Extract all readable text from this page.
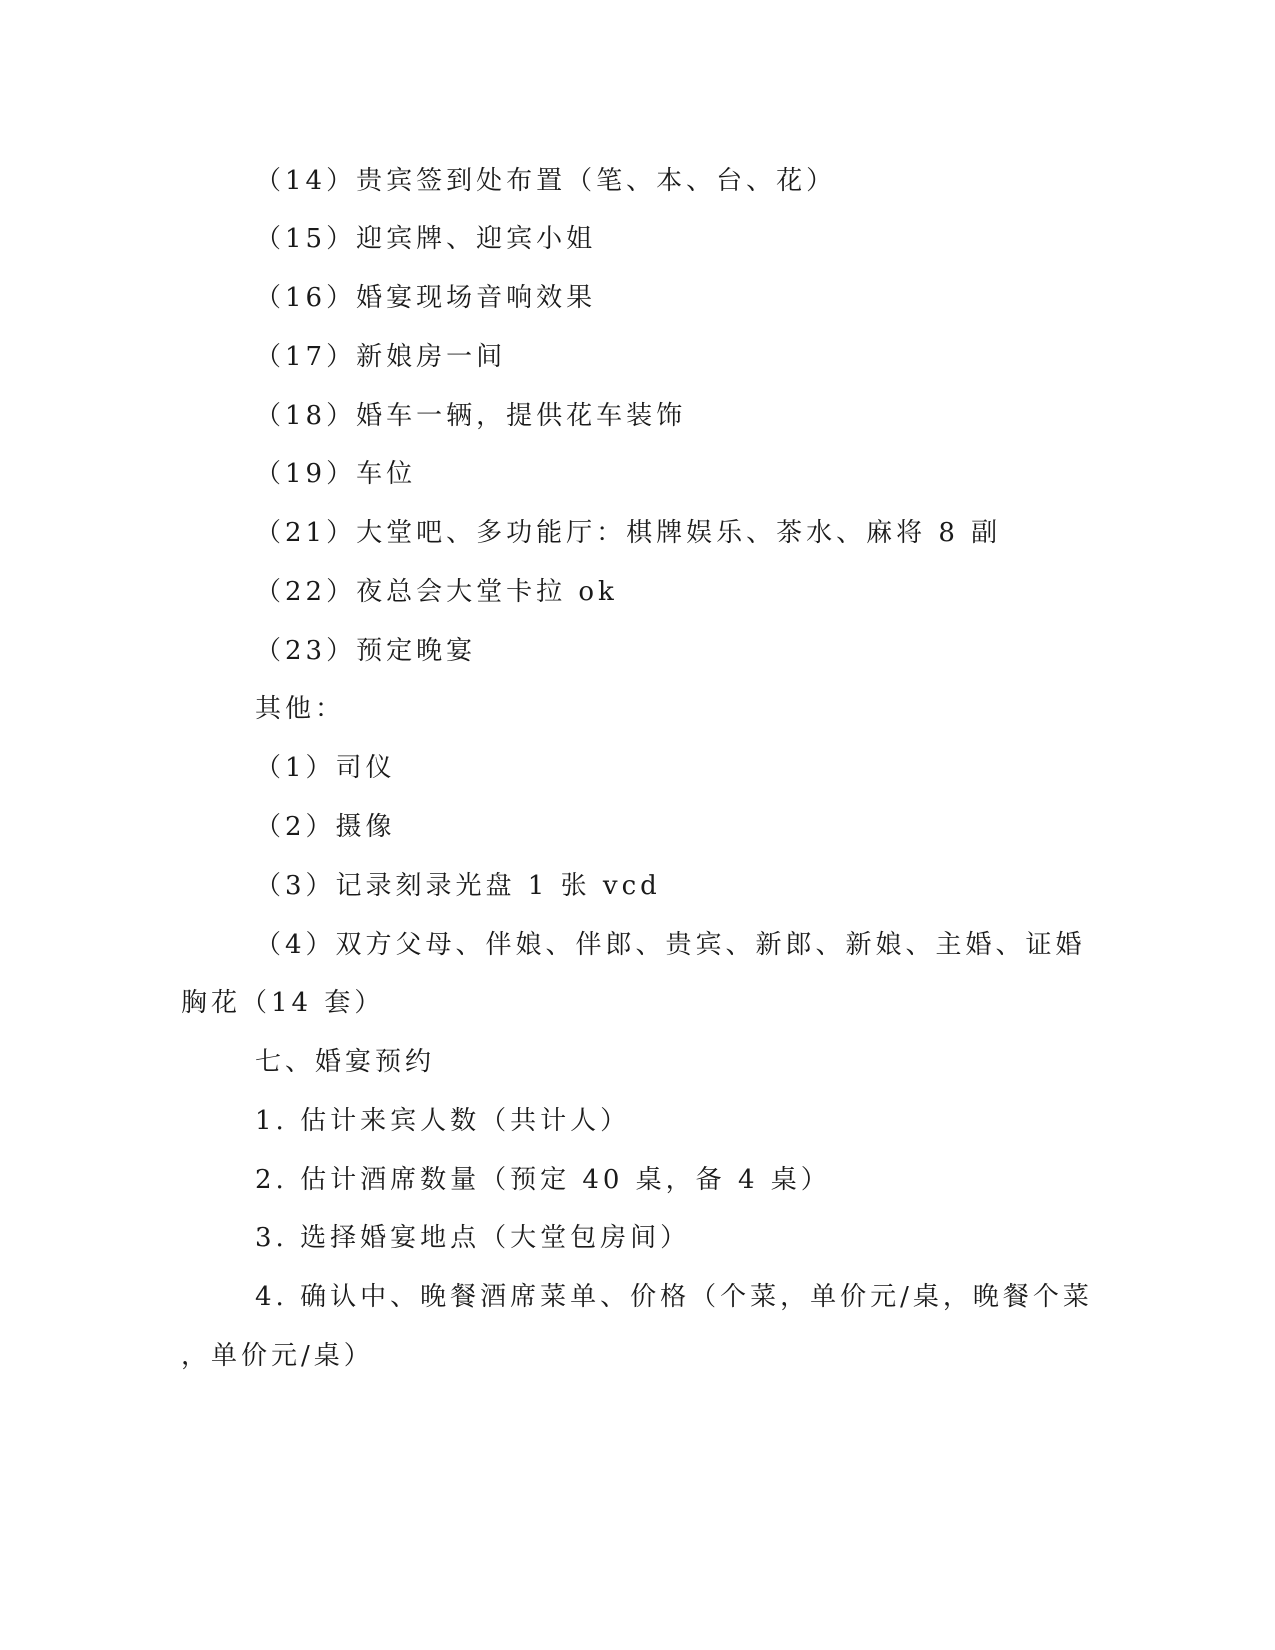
（14）贵宾签到处布置（笔、本、台、花）
（15）迎宾牌、迎宾小姐
（16）婚宴现场音响效果
（17）新娘房一间
（18）婚车一辆，提供花车装饰
（19）车位
（21）大堂吧、多功能厅：棋牌娱乐、茶水、麻将 8 副
（22）夜总会大堂卡拉 ok
（23）预定晚宴
其他：
（1）司仪
（2）摄像
（3）记录刻录光盘 1 张 vcd
（4）双方父母、伴娘、伴郎、贵宾、新郎、新娘、主婚、证婚
胸花（14 套）
七、婚宴预约
1. 估计来宾人数（共计人）
2. 估计酒席数量（预定 40 桌，备 4 桌）
3. 选择婚宴地点（大堂包房间）
4. 确认中、晚餐酒席菜单、价格（个菜，单价元/桌，晚餐个菜
，单价元/桌）
